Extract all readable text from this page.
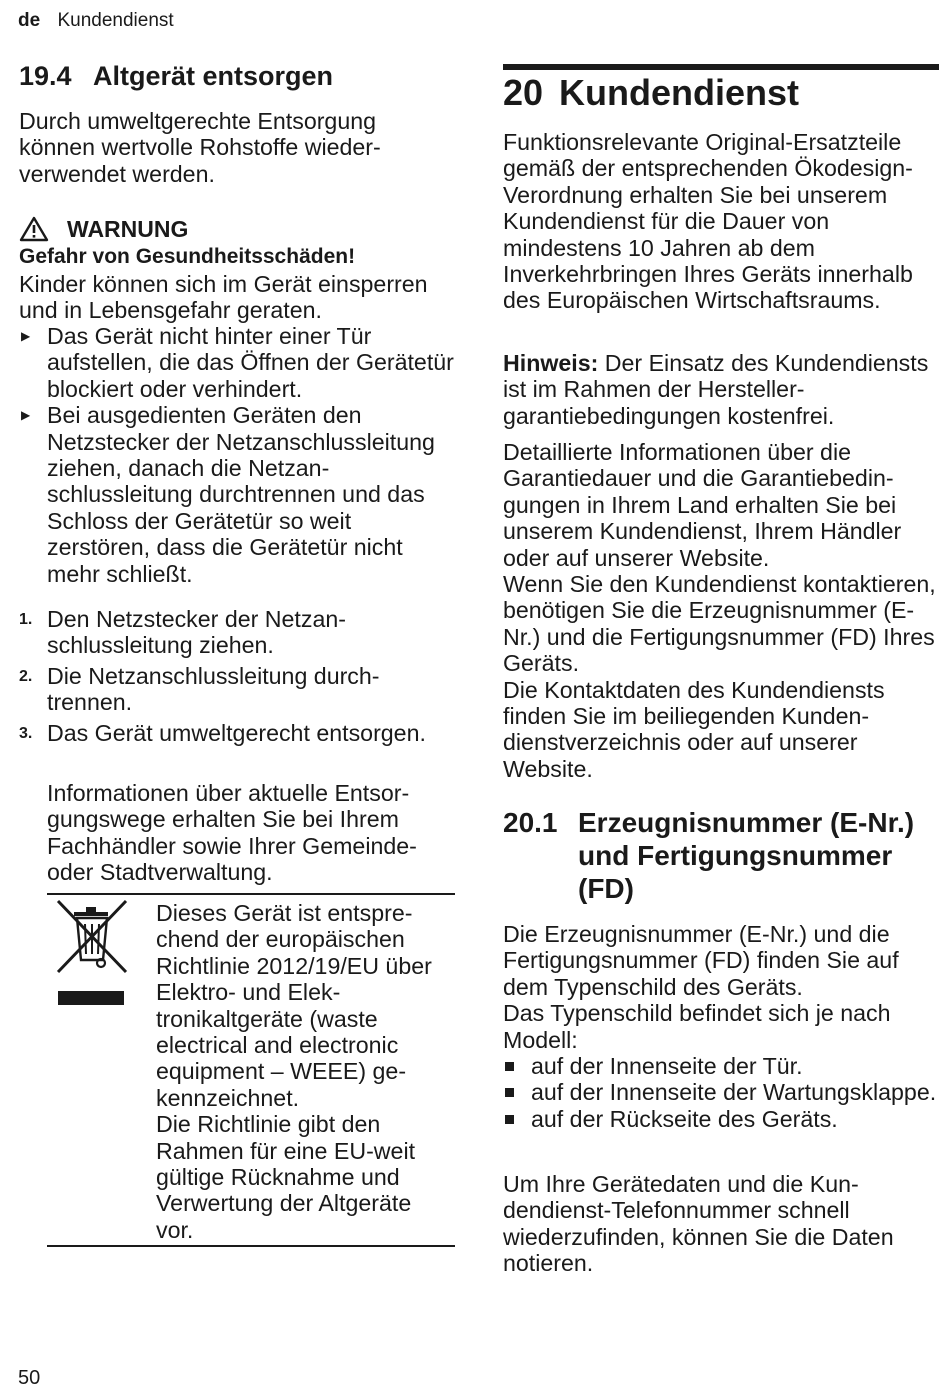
de Kundendienst
19.4 Altgerät entsorgen

Durch umweltgerechte Entsorgung können wertvolle Rohstoffe wiederverwendet werden.

WARNUNG
Gefahr von Gesundheitsschäden!

Kinder können sich im Gerät einsperren und in Lebensgefahr geraten.

▶ Das Gerät nicht hinter einer Tür aufstellen, die das Öffnen der Gerätetür blockiert oder verhindert.
▶ Bei ausgedienten Geräten den Netzstecker der Netzanschlussleitung ziehen, danach die Netzanschlussleitung durchtrennen und das Schloss der Gerätetür so weit zerstören, dass die Gerätetür nicht mehr schließt.
1. Den Netzstecker der Netzanschlussleitung ziehen.
2. Die Netzanschlussleitung durchtrennen.
3. Das Gerät umweltgerecht entsorgen.

Informationen über aktuelle Entsorgungswege erhalten Sie bei Ihrem Fachhändler sowie Ihrer Gemeinde- oder Stadtverwaltung.

Dieses Gerät ist entsprechend der europäischen Richtlinie 2012/19/EU über Elektro- und Elektronikaltgeräte (waste electrical and electronic equipment – WEEE) gekennzeichnet.

Die Richtlinie gibt den Rahmen für eine EU-weit gültige Rücknahme und Verwertung der Altgeräte vor.

20 Kundendienst

Funktionsrelevante Original-Ersatzteile gemäß der entsprechenden Ökodesign-Verordnung erhalten Sie bei unserem Kundendienst für die Dauer von mindestens 10 Jahren ab dem Inverkehrbringen Ihres Geräts innerhalb des Europäischen Wirtschaftsraums.

Hinweis: Der Einsatz des Kundendiensts ist im Rahmen der Herstellergarantiebedingungen kostenfrei.

Detaillierte Informationen über die Garantiedauer und die Garantiebedingungen in Ihrem Land erhalten Sie bei unserem Kundendienst, Ihrem Händler oder auf unserer Website.

Wenn Sie den Kundendienst kontaktieren, benötigen Sie die Erzeugnisnummer (E-Nr.) und die Fertigungsnummer (FD) Ihres Geräts.

Die Kontaktdaten des Kundendiensts finden Sie im beiliegenden Kundendienstverzeichnis oder auf unserer Website.

20.1 Erzeugnisnummer (E-Nr.) und Fertigungsnummer (FD)

Die Erzeugnisnummer (E-Nr.) und die Fertigungsnummer (FD) finden Sie auf dem Typenschild des Geräts.

Das Typenschild befindet sich je nach Modell:

auf der Innenseite der Tür.
auf der Innenseite der Wartungsklappe.
auf der Rückseite des Geräts.

Um Ihre Gerätedaten und die Kundendienst-Telefonnummer schnell wiederzufinden, können Sie die Daten notieren.

50
